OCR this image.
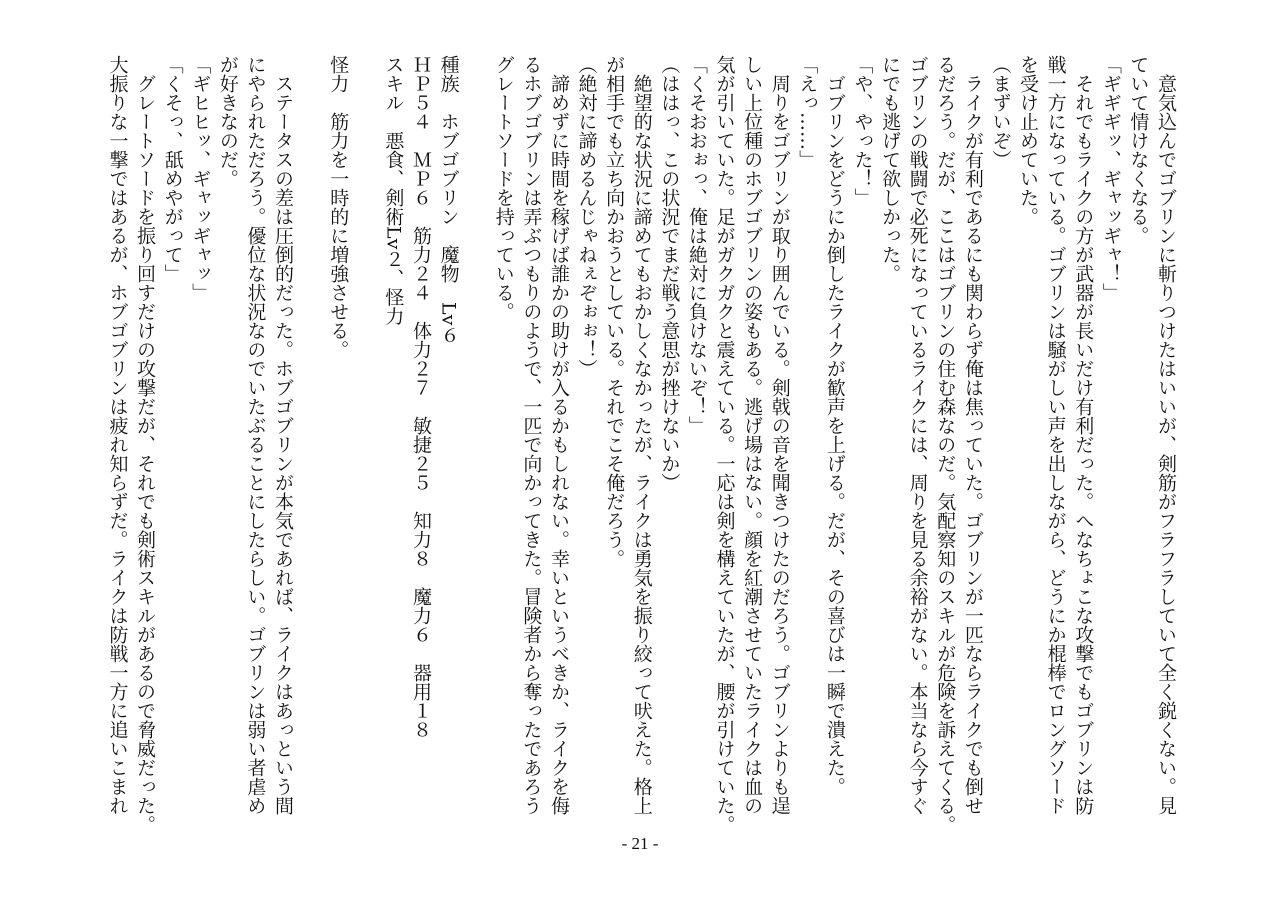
　意気込んでゴブリンに斬りつけたはいいが、剣筋がフラフラしていて全く鋭くない。見
ていて情けなくなる。
「ギギギッ、ギャッギャ！」
　それでもライクの方が武器が長いだけ有利だった。へなちょこな攻撃でもゴブリンは防
戦一方になっている。ゴブリンは騒がしい声を出しながら、どうにか棍棒でロングソード
を受け止めていた。
（まずいぞ）
　ライクが有利であるにも関わらず俺は焦っていた。ゴブリンが一匹ならライクでも倒せ
るだろう。だが、ここはゴブリンの住む森なのだ。気配察知のスキルが危険を訴えてくる。
ゴブリンの戦闘で必死になっているライクには、周りを見る余裕がない。本当なら今すぐ
にでも逃げて欲しかった。
「や、やった！」
　ゴブリンをどうにか倒したライクが歓声を上げる。だが、その喜びは一瞬で潰えた。
「えっ……」
　周りをゴブリンが取り囲んでいる。剣戟の音を聞きつけたのだろう。ゴブリンよりも逞
しい上位種のホブゴブリンの姿もある。逃げ場はない。顔を紅潮させていたライクは血の
気が引いていた。足がガクガクと震えている。一応は剣を構えていたが、腰が引けていた。
「くそおおぉっ、俺は絶対に負けないぞ！」
（ははっ、この状況でまだ戦う意思が挫けないか）
　絶望的な状況に諦めてもおかしくなかったが、ライクは勇気を振り絞って吠えた。格上
が相手でも立ち向かおうとしている。それでこそ俺だろう。
（絶対に諦めるんじゃねぇぞぉぉ！）
　諦めずに時間を稼げば誰かの助けが入るかもしれない。幸いというべきか、ライクを侮
るホブゴブリンは弄ぶつもりのようで、一匹で向かってきた。冒険者から奪ったであろう
グレートソードを持っている。
種族　ホブゴブリン　魔物　Lv６
ＨＰ５４　ＭＰ６　筋力２４　体力２７　敏捷２５　知力８　魔力６　器用１８
スキル　悪食、剣術Lv２、怪力
怪力　筋力を一時的に増強させる。
　ステータスの差は圧倒的だった。ホブゴブリンが本気であれば、ライクはあっという間
にやられただろう。優位な状況なのでいたぶることにしたらしい。ゴブリンは弱い者虐め
が好きなのだ。
「ギヒヒッ、ギャッギャッ」
「くそっ、舐めやがって」
　グレートソードを振り回すだけの攻撃だが、それでも剣術スキルがあるので脅威だった。
大振りな一撃ではあるが、ホブゴブリンは疲れ知らずだ。ライクは防戦一方に追いこまれ
- 21 -
